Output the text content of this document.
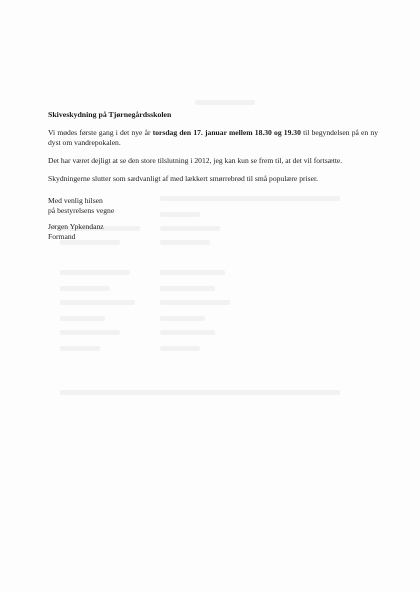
Skiveskydning på Tjørnegårdsskolen

Vi mødes første gang i det nye år torsdag den 17. januar mellem 18.30 og 19.30 til begyndelsen på en ny dyst om vandrepokalen.

Det har været dejligt at se den store tilslutning i 2012, jeg kan kun se frem til, at det vil fortsætte.

Skydningerne slutter som sædvanligt af med lækkert smørrebrød til små populære priser.

Med venlig hilsen
på bestyrelsens vegne
Jørgen Ypkendanz
Formand
